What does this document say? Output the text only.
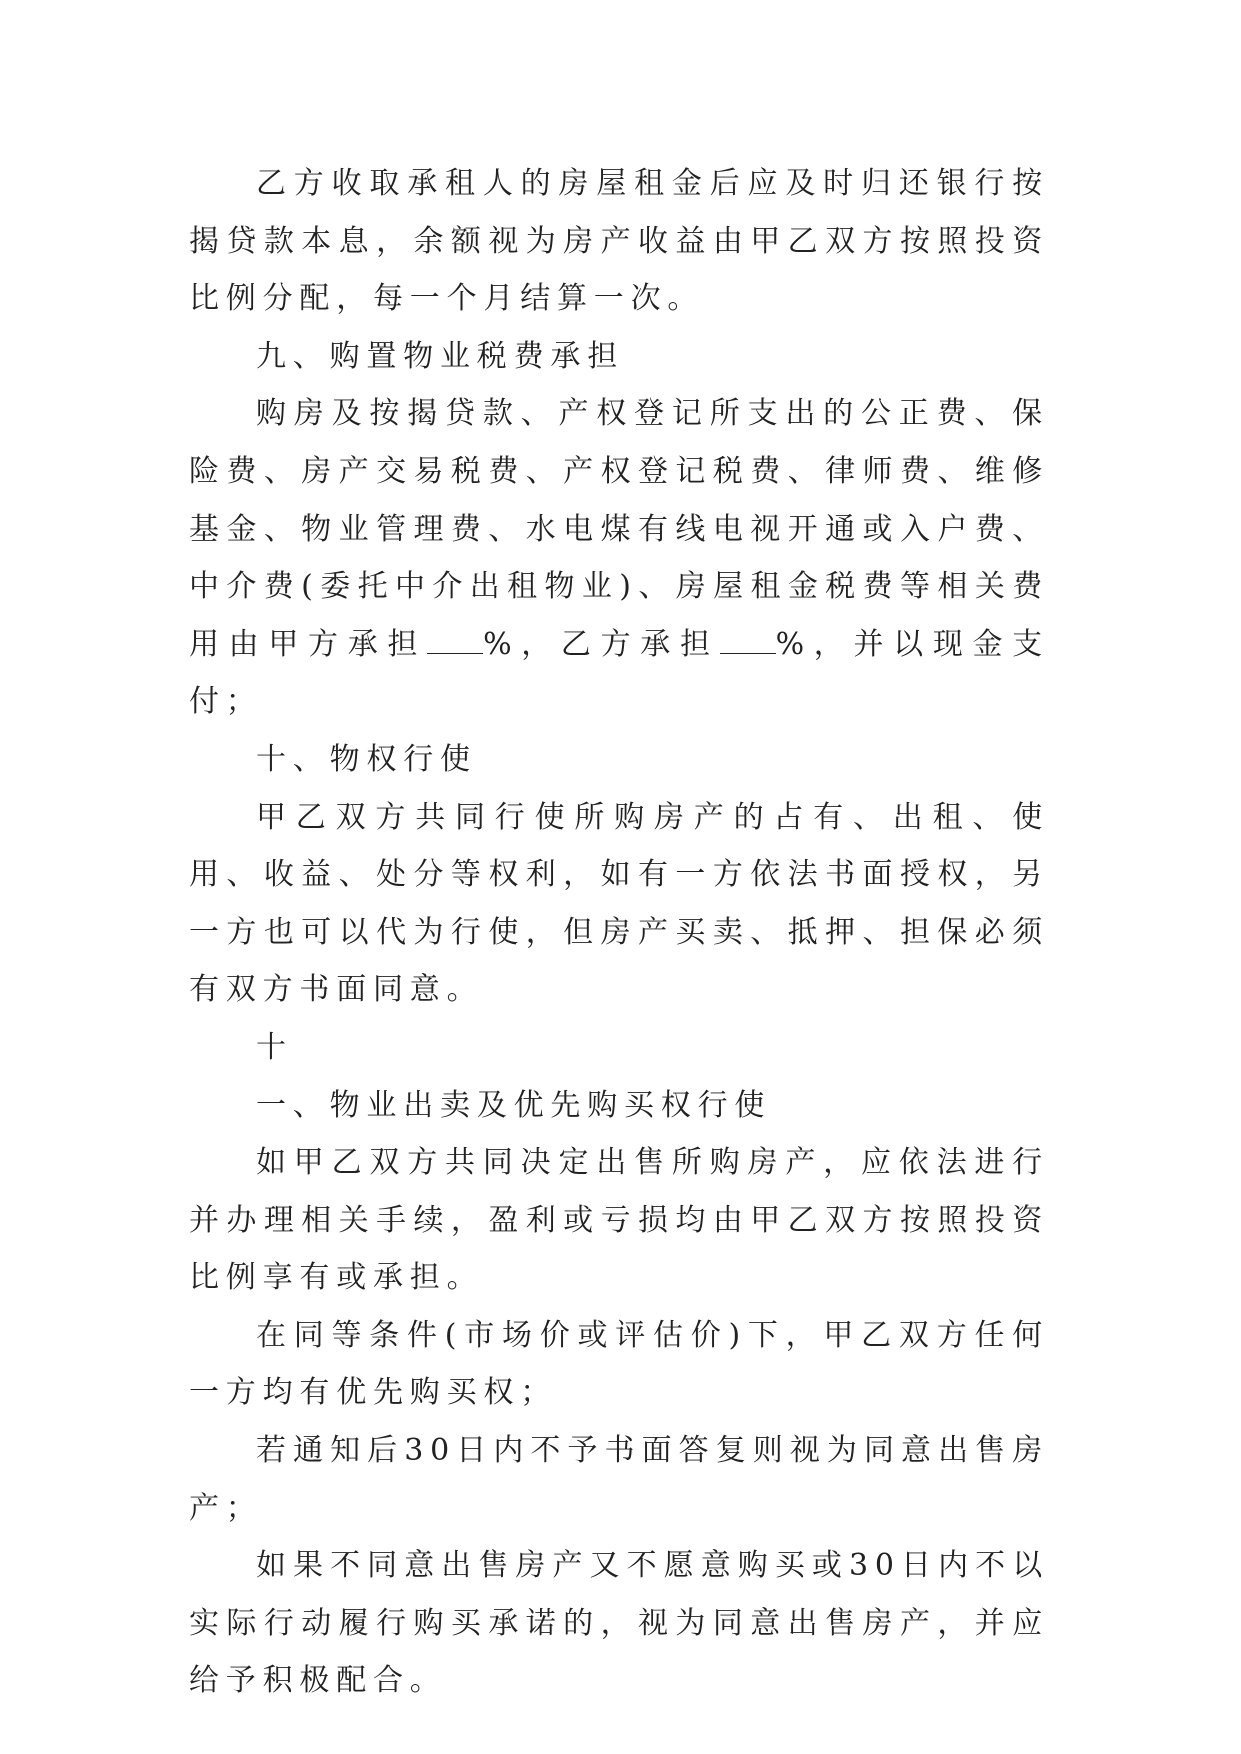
乙方收取承租人的房屋租金后应及时归还银行按揭贷款本息，余额视为房产收益由甲乙双方按照投资比例分配，每一个月结算一次。

九、购置物业税费承担

购房及按揭贷款、产权登记所支出的公正费、保险费、房产交易税费、产权登记税费、律师费、维修基金、物业管理费、水电煤有线电视开通或入户费、中介费(委托中介出租物业)、房屋租金税费等相关费用由甲方承担 %，乙方承担 %，并以现金支付；

十、物权行使

甲乙双方共同行使所购房产的占有、出租、使用、收益、处分等权利，如有一方依法书面授权，另一方也可以代为行使，但房产买卖、抵押、担保必须有双方书面同意。

十

一、物业出卖及优先购买权行使

如甲乙双方共同决定出售所购房产，应依法进行并办理相关手续，盈利或亏损均由甲乙双方按照投资比例享有或承担。

在同等条件(市场价或评估价)下，甲乙双方任何一方均有优先购买权；

若通知后30日内不予书面答复则视为同意出售房产；

如果不同意出售房产又不愿意购买或30日内不以实际行动履行购买承诺的，视为同意出售房产，并应给予积极配合。
